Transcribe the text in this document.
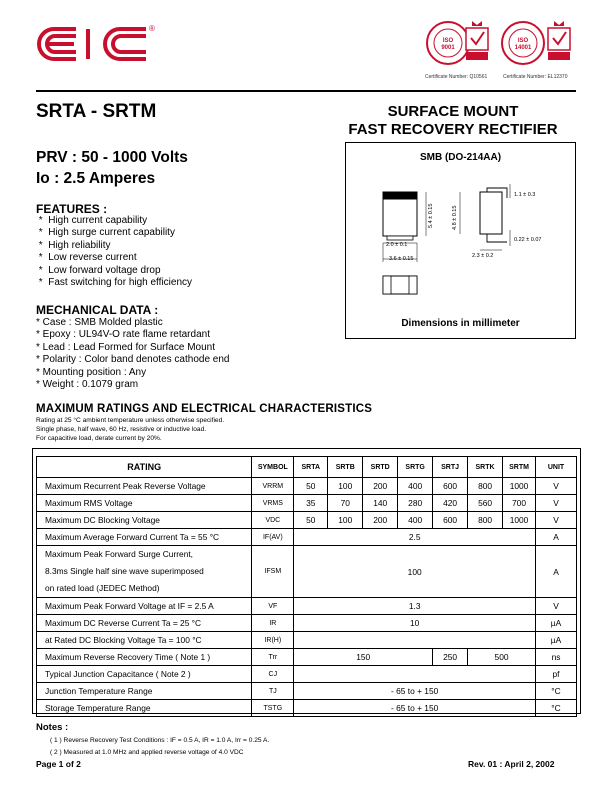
®
ISO
9001
ISO
14001
Certificate Number: Q10561	Certificate Number: EL12370
SRTA - SRTM	SURFACE MOUNT
FAST RECOVERY RECTIFIER
PRV : 50 - 1000 Volts
Io : 2.5 Amperes
FEATURES :
*  High current capability
*  High surge current capability
*  High reliability
*  Low reverse current
*  Low forward voltage drop
*  Fast switching for high efficiency
MECHANICAL DATA :
* Case : SMB Molded plastic
* Epoxy : UL94V-O rate flame retardant
* Lead : Lead Formed for Surface Mount
* Polarity : Color band denotes cathode end
* Mounting position : Any
* Weight : 0.1079 gram
SMB (DO-214AA)
5.4 ± 0.15
2.0 ± 0.1
3.6 ± 0.15
4.8 ± 0.15
1.1 ± 0.3
0.22 ± 0.07
2.3 ± 0.2
Dimensions in millimeter
MAXIMUM RATINGS AND ELECTRICAL CHARACTERISTICS
Rating at 25 °C ambient temperature unless otherwise specified.
Single phase, half wave, 60 Hz, resistive or inductive load.
For capacitive load, derate current by 20%.
RATING	SYMBOL	SRTA	SRTB	SRTD	SRTG	SRTJ	SRTK	SRTM	UNIT
Maximum Recurrent Peak Reverse Voltage	VRRM	50	100	200	400	600	800	1000	V
Maximum RMS Voltage	VRMS	35	70	140	280	420	560	700	V
Maximum DC Blocking Voltage	VDC	50	100	200	400	600	800	1000	V
Maximum Average Forward Current Ta = 55 °C	IF(AV)	2.5							A

Maximum Peak Forward Surge Current,
8.3ms Single half sine wave superimposed
on rated load (JEDEC Method)	IFSM	100							A
Maximum Peak Forward Voltage at IF = 2.5 A	VF	1.3							V
Maximum DC Reverse Current Ta = 25 °C	IR	10							µA
at Rated DC Blocking Voltage Ta = 100 °C	IR(H)								µA
Maximum Reverse Recovery Time ( Note 1 )	Trr	150				250	500		ns
Typical Junction Capacitance ( Note 2 )	CJ								pf
Junction Temperature Range	TJ	- 65 to + 150							°C
Storage Temperature Range	TSTG	- 65 to + 150							°C
Notes :
( 1 ) Reverse Recovery Test Conditions : IF = 0.5 A, IR = 1.0 A, Irr = 0.25 A.
( 2 ) Measured at 1.0 MHz and applied reverse voltage of 4.0 VDC
Page 1 of 2	Rev. 01 : April 2, 2002
